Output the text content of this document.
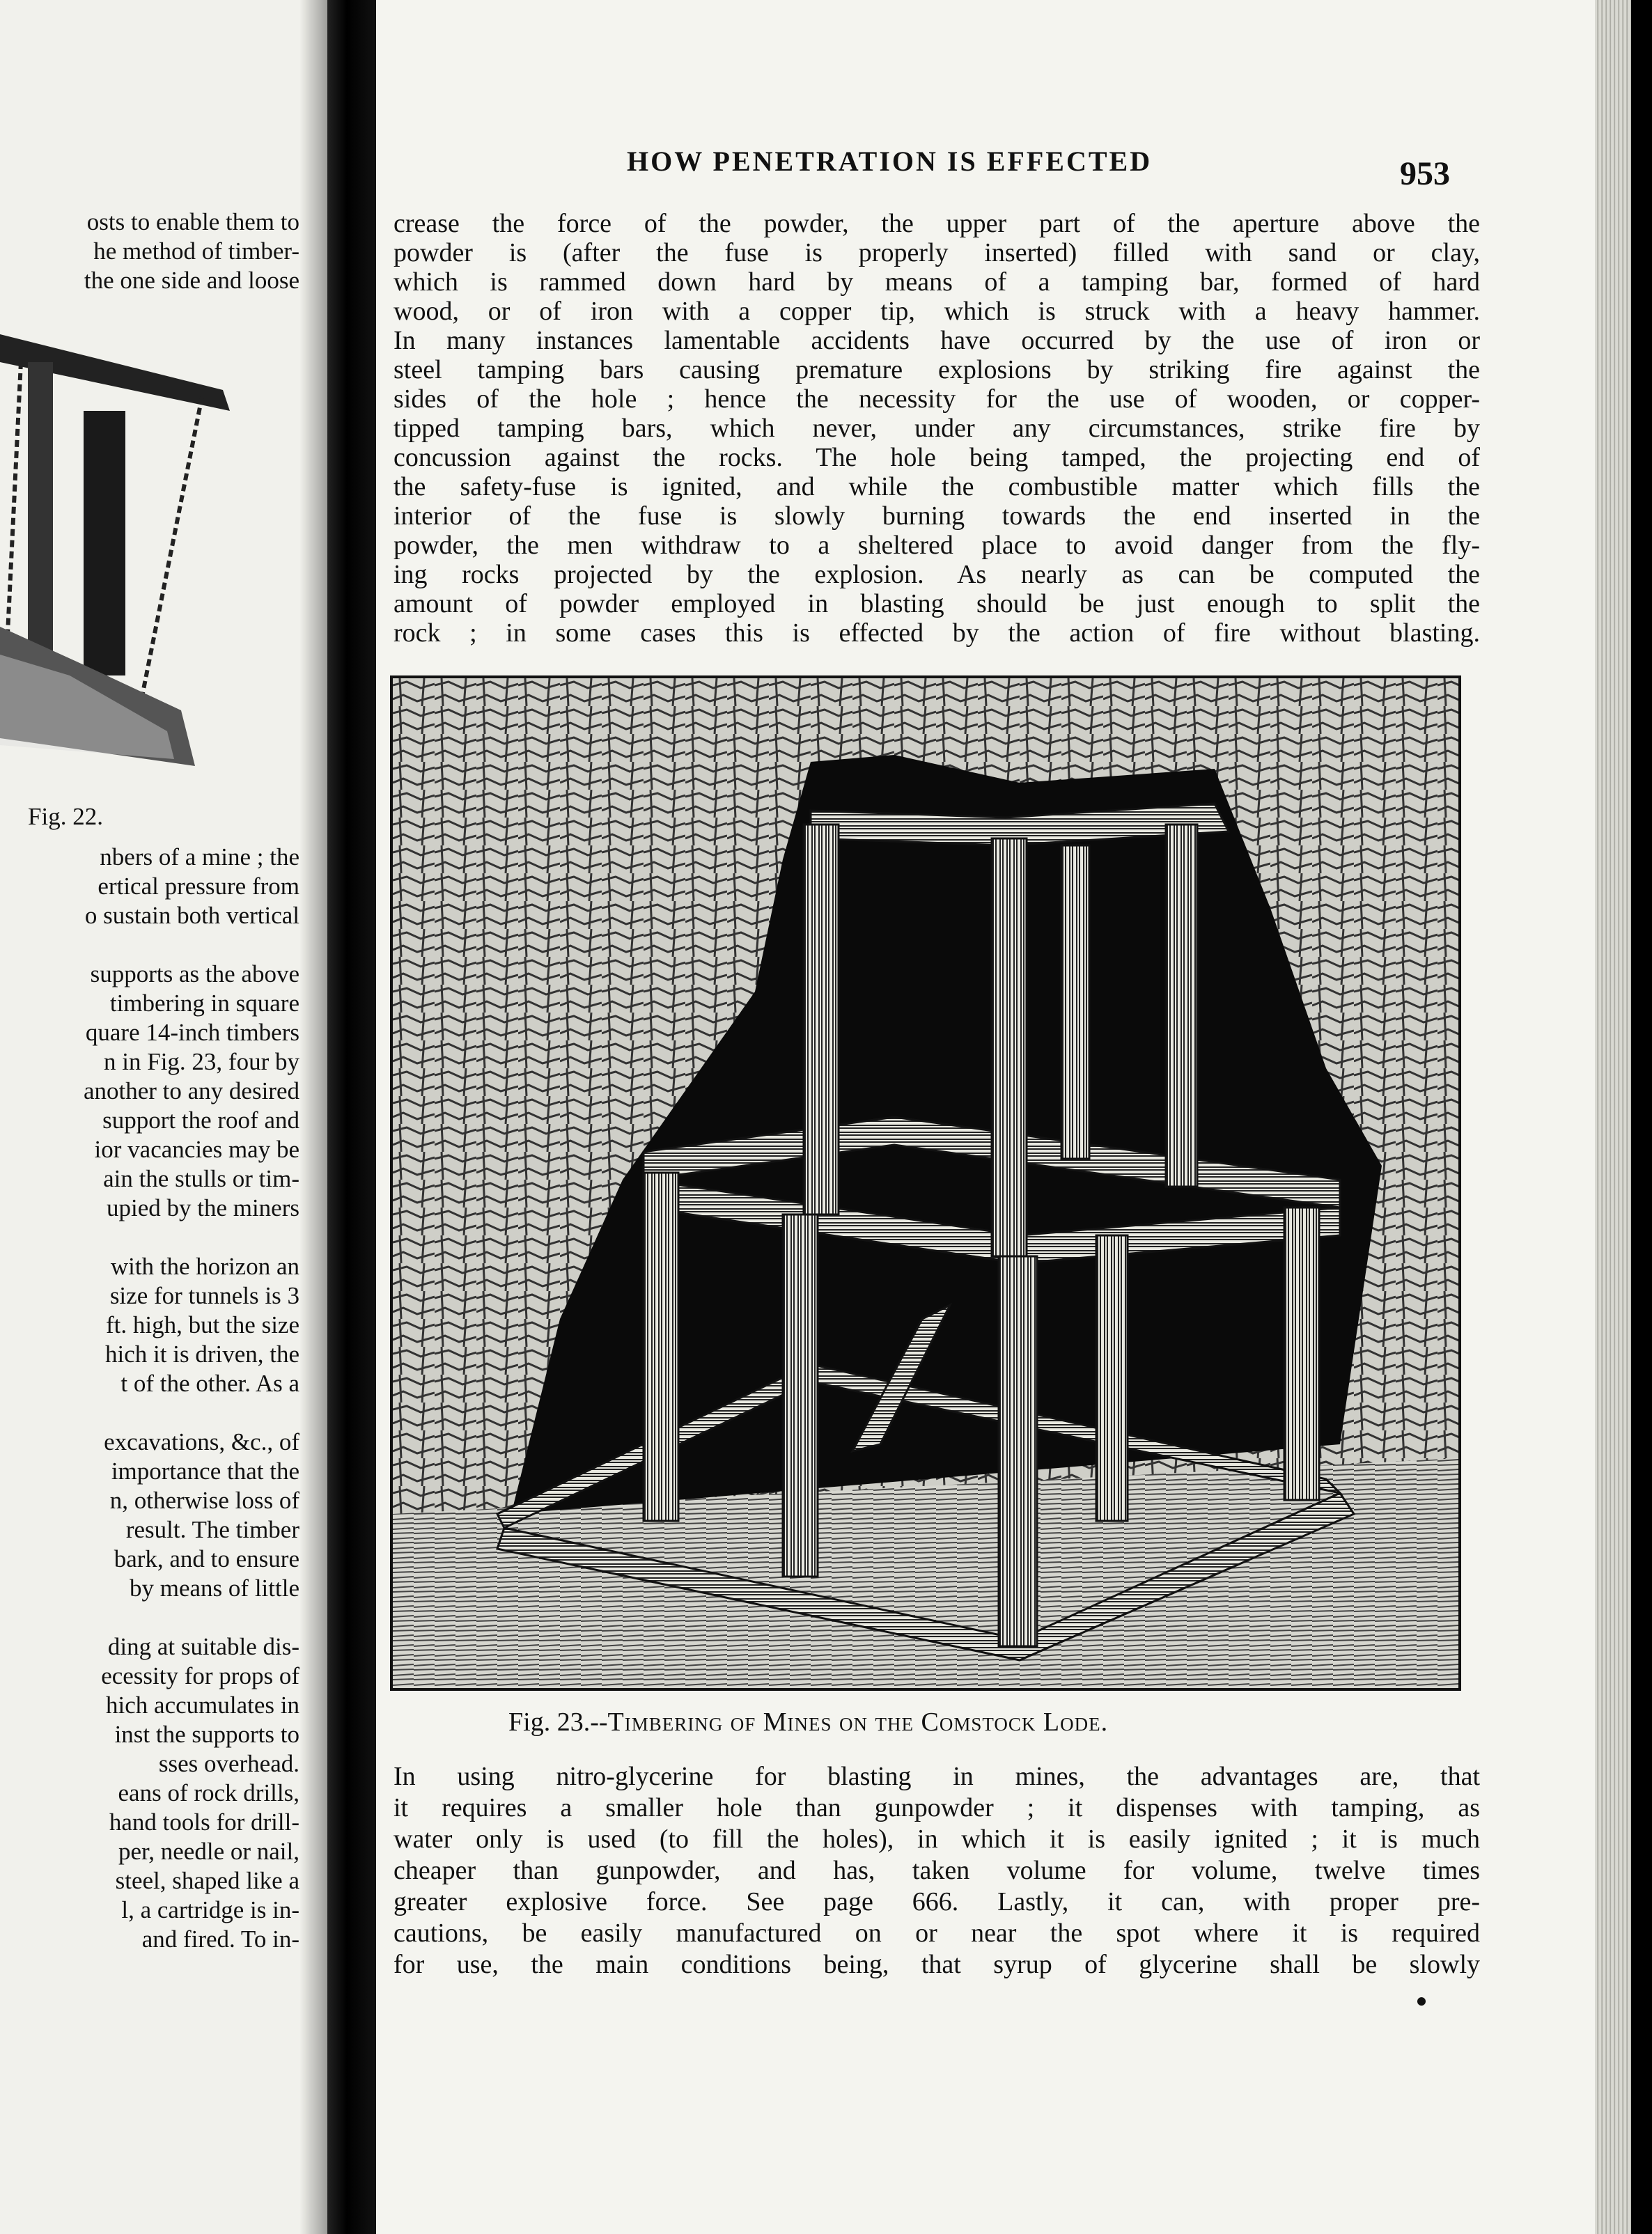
osts to enable them to
he method of timber-
the one side and loose
Fig. 22.
nbers of a mine ; the
ertical pressure from
o sustain both vertical
supports as the above
timbering in square
quare 14-inch timbers
n in Fig. 23, four by
another to any desired
support the roof and
ior vacancies may be
ain the stulls or tim-
upied by the miners
with the horizon an
size for tunnels is 3
ft. high, but the size
hich it is driven, the
t of the other. As a
excavations, &c., of
importance that the
n, otherwise loss of
result. The timber
bark, and to ensure
by means of little
ding at suitable dis-
ecessity for props of
hich accumulates in
inst the supports to
sses overhead.
eans of rock drills,
hand tools for drill-
per, needle or nail,
steel, shaped like a
l, a cartridge is in-
and fired. To in-
HOW PENETRATION IS EFFECTED	953
crease the force of the powder, the upper part of the aperture above the
powder is (after the fuse is properly inserted) filled with sand or clay,
which is rammed down hard by means of a tamping bar, formed of hard
wood, or of iron with a copper tip, which is struck with a heavy hammer.
In many instances lamentable accidents have occurred by the use of iron or
steel tamping bars causing premature explosions by striking fire against the
sides of the hole ; hence the necessity for the use of wooden, or copper-
tipped tamping bars, which never, under any circumstances, strike fire by
concussion against the rocks. The hole being tamped, the projecting end of
the safety-fuse is ignited, and while the combustible matter which fills the
interior of the fuse is slowly burning towards the end inserted in the
powder, the men withdraw to a sheltered place to avoid danger from the fly-
ing rocks projected by the explosion. As nearly as can be computed the
amount of powder employed in blasting should be just enough to split the
rock ; in some cases this is effected by the action of fire without blasting.
Fig. 23.--Timbering of Mines on the Comstock Lode.
In using nitro-glycerine for blasting in mines, the advantages are, that
it requires a smaller hole than gunpowder ; it dispenses with tamping, as
water only is used (to fill the holes), in which it is easily ignited ; it is much
cheaper than gunpowder, and has, taken volume for volume, twelve times
greater explosive force. See page 666. Lastly, it can, with proper pre-
cautions, be easily manufactured on or near the spot where it is required
for use, the main conditions being, that syrup of glycerine shall be slowly
